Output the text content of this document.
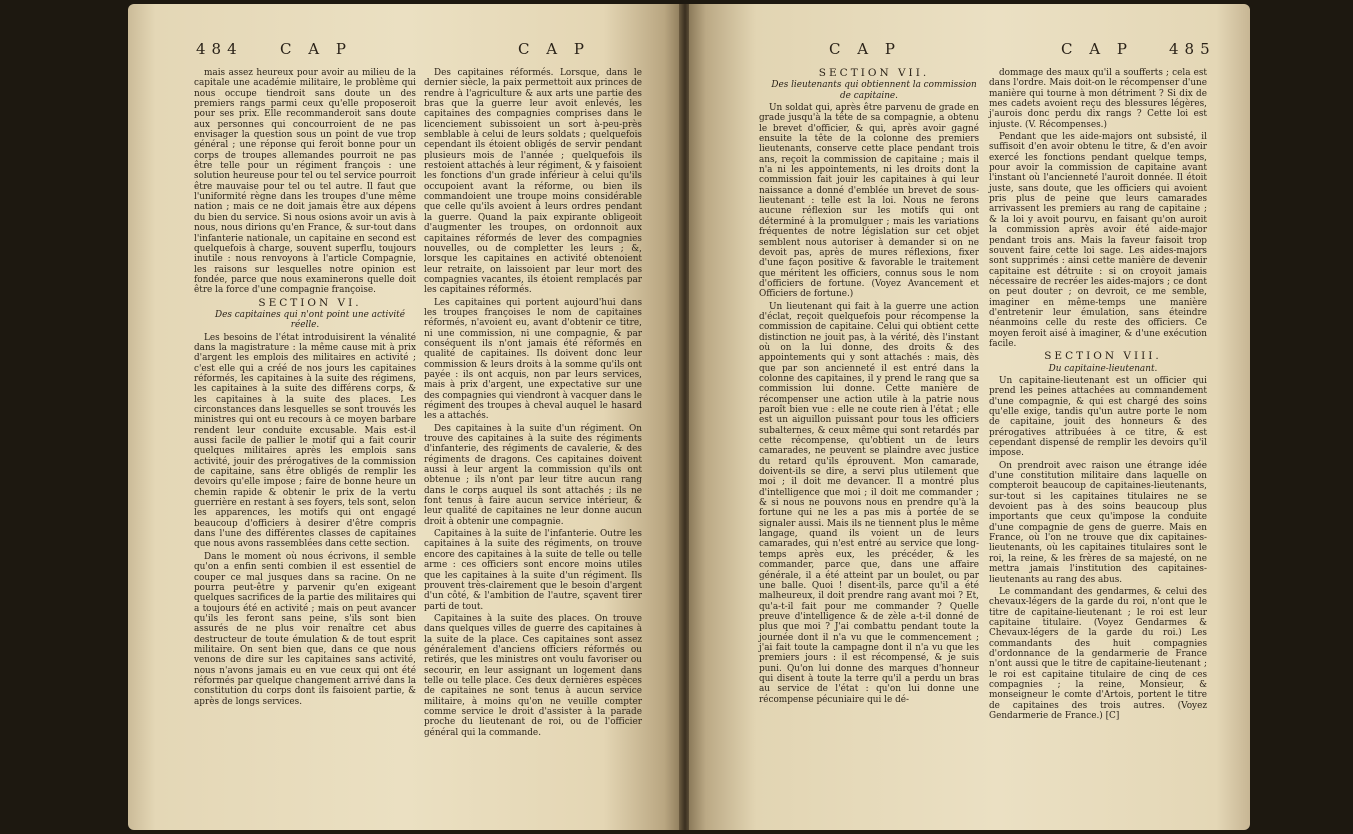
484 C A P	C A P

mais assez heureux pour avoir au milieu de la capitale une académie militaire, le problème qui nous occupe tiendroit sans doute un des premiers rangs parmi ceux qu'elle proposeroit pour ses prix. Elle recommanderoit sans doute aux personnes qui concourroient de ne pas envisager la question sous un point de vue trop général ; une réponse qui feroit bonne pour un corps de troupes allemandes pourroit ne pas être telle pour un régiment françois : une solution heureuse pour tel ou tel service pourroit être mauvaise pour tel ou tel autre. Il faut que l'uniformité règne dans les troupes d'une même nation ; mais ce ne doit jamais être aux dépens du bien du service. Si nous osions avoir un avis à nous, nous dirions qu'en France, & sur-tout dans l'infanterie nationale, un capitaine en second est quelquefois à charge, souvent superflu, toujours inutile : nous renvoyons à l'article Compagnie, les raisons sur lesquelles notre opinion est fondée, parce que nous examinerons quelle doit être la force d'une compagnie françoise.

SECTION VI.

Des capitaines qui n'ont point une activité réelle.

Les besoins de l'état introduisirent la vénalité dans la magistrature : la même cause mit à prix d'argent les emplois des militaires en activité ; c'est elle qui a créé de nos jours les capitaines réformés, les capitaines à la suite des régimens, les capitaines à la suite des différens corps, & les capitaines à la suite des places. Les circonstances dans lesquelles se sont trouvés les ministres qui ont eu recours à ce moyen barbare rendent leur conduite excusable. Mais est-il aussi facile de pallier le motif qui a fait courir quelques militaires après les emplois sans activité, jouir des prérogatives de la commission de capitaine, sans être obligés de remplir les devoirs qu'elle impose ; faire de bonne heure un chemin rapide & obtenir le prix de la vertu guerrière en restant à ses foyers, tels sont, selon les apparences, les motifs qui ont engagé beaucoup d'officiers à desirer d'être compris dans l'une des différentes classes de capitaines que nous avons rassemblées dans cette section.

Dans le moment où nous écrivons, il semble qu'on a enfin senti combien il est essentiel de couper ce mal jusques dans sa racine. On ne pourra peut-être y parvenir qu'en exigeant quelques sacrifices de la partie des militaires qui a toujours été en activité ; mais on peut avancer qu'ils les feront sans peine, s'ils sont bien assurés de ne plus voir renaître cet abus destructeur de toute émulation & de tout esprit militaire. On sent bien que, dans ce que nous venons de dire sur les capitaines sans activité, nous n'avons jamais eu en vue ceux qui ont été réformés par quelque changement arrivé dans la constitution du corps dont ils faisoient partie, & après de longs services.

Des capitaines réformés. Lorsque, dans le dernier siècle, la paix permettoit aux princes de rendre à l'agriculture & aux arts une partie des bras que la guerre leur avoit enlevés, les capitaines des compagnies comprises dans le licenciement subissoient un sort à-peu-près semblable à celui de leurs soldats ; quelquefois cependant ils étoient obligés de servir pendant plusieurs mois de l'année ; quelquefois ils restoient attachés à leur régiment, & y faisoient les fonctions d'un grade inférieur à celui qu'ils occupoient avant la réforme, ou bien ils commandoient une troupe moins considérable que celle qu'ils avoient à leurs ordres pendant la guerre. Quand la paix expirante obligeoit d'augmenter les troupes, on ordonnoit aux capitaines réformés de lever des compagnies nouvelles, ou de completter les leurs ; &, lorsque les capitaines en activité obtenoient leur retraite, on laissoient par leur mort des compagnies vacantes, ils étoient remplacés par les capitaines réformés.

Les capitaines qui portent aujourd'hui dans les troupes françoises le nom de capitaines réformés, n'avoient eu, avant d'obtenir ce titre, ni une commission, ni une compagnie, & par conséquent ils n'ont jamais été réformés en qualité de capitaines. Ils doivent donc leur commission & leurs droits à la somme qu'ils ont payée : ils ont acquis, non par leurs services, mais à prix d'argent, une expectative sur une des compagnies qui viendront à vacquer dans le régiment des troupes à cheval auquel le hasard les a attachés.

Des capitaines à la suite d'un régiment. On trouve des capitaines à la suite des régiments d'infanterie, des régiments de cavalerie, & des régiments de dragons. Ces capitaines doivent aussi à leur argent la commission qu'ils ont obtenue ; ils n'ont par leur titre aucun rang dans le corps auquel ils sont attachés ; ils ne font tenus à faire aucun service intérieur, & leur qualité de capitaines ne leur donne aucun droit à obtenir une compagnie.

Capitaines à la suite de l'infanterie. Outre les capitaines à la suite des régiments, on trouve encore des capitaines à la suite de telle ou telle arme : ces officiers sont encore moins utiles que les capitaines à la suite d'un régiment. Ils prouvent très-clairement que le besoin d'argent d'un côté, & l'ambition de l'autre, sçavent tirer parti de tout.

Capitaines à la suite des places. On trouve dans quelques villes de guerre des capitaines à la suite de la place. Ces capitaines sont assez généralement d'anciens officiers réformés ou retirés, que les ministres ont voulu favoriser ou secourir, en leur assignant un logement dans telle ou telle place. Ces deux dernières espèces de capitaines ne sont tenus à aucun service militaire, à moins qu'on ne veuille compter comme service le droit d'assister à la parade proche du lieutenant de roi, ou de l'officier général qui la commande.

C A P	C A P 485

SECTION VII.

Des lieutenants qui obtiennent la commission de capitaine.

Un soldat qui, après être parvenu de grade en grade jusqu'à la tête de sa compagnie, a obtenu le brevet d'officier, & qui, après avoir gagné ensuite la tête de la colonne des premiers lieutenants, conserve cette place pendant trois ans, reçoit la commission de capitaine ; mais il n'a ni les appointements, ni les droits dont la commission fait jouir les capitaines à qui leur naissance a donné d'emblée un brevet de sous-lieutenant : telle est la loi. Nous ne ferons aucune réflexion sur les motifs qui ont déterminé à la promulguer ; mais les variations fréquentes de notre législation sur cet objet semblent nous autoriser à demander si on ne devoit pas, après de mures réflexions, fixer d'une façon positive & favorable le traitement que méritent les officiers, connus sous le nom d'officiers de fortune. (Voyez Avancement et Officiers de fortune.)

Un lieutenant qui fait à la guerre une action d'éclat, reçoit quelquefois pour récompense la commission de capitaine. Celui qui obtient cette distinction ne jouit pas, à la vérité, dès l'instant où on la lui donne, des droits & des appointements qui y sont attachés : mais, dès que par son ancienneté il est entré dans la colonne des capitaines, il y prend le rang que sa commission lui donne. Cette manière de récompenser une action utile à la patrie nous paroît bien vue : elle ne coute rien à l'état ; elle est un aiguillon puissant pour tous les officiers subalternes, & ceux même qui sont retardés par cette récompense, qu'obtient un de leurs camarades, ne peuvent se plaindre avec justice du retard qu'ils éprouvent. Mon camarade, doivent-ils se dire, a servi plus utilement que moi ; il doit me devancer. Il a montré plus d'intelligence que moi ; il doit me commander ; & si nous ne pouvons nous en prendre qu'à la fortune qui ne les a pas mis à portée de se signaler aussi. Mais ils ne tiennent plus le même langage, quand ils voient un de leurs camarades, qui n'est entré au service que long-temps après eux, les précéder, & les commander, parce que, dans une affaire générale, il a été atteint par un boulet, ou par une balle. Quoi ! disent-ils, parce qu'il a été malheureux, il doit prendre rang avant moi ? Et, qu'a-t-il fait pour me commander ? Quelle preuve d'intelligence & de zèle a-t-il donné de plus que moi ? J'ai combattu pendant toute la journée dont il n'a vu que le commencement ; j'ai fait toute la campagne dont il n'a vu que les premiers jours : il est récompensé, & je suis puni. Qu'on lui donne des marques d'honneur qui disent à toute la terre qu'il a perdu un bras au service de l'état : qu'on lui donne une récompense pécuniaire qui le dé-

dommage des maux qu'il a soufferts ; cela est dans l'ordre. Mais doit-on le récompenser d'une manière qui tourne à mon détriment ? Si dix de mes cadets avoient reçu des blessures légères, j'aurois donc perdu dix rangs ? Cette loi est injuste. (V. Récompenses.)

Pendant que les aide-majors ont subsisté, il suffisoit d'en avoir obtenu le titre, & d'en avoir exercé les fonctions pendant quelque temps, pour avoir la commission de capitaine avant l'instant où l'ancienneté l'auroit donnée. Il étoit juste, sans doute, que les officiers qui avoient pris plus de peine que leurs camarades arrivassent les premiers au rang de capitaine ; & la loi y avoit pourvu, en faisant qu'on auroit la commission après avoir été aide-major pendant trois ans. Mais la faveur faisoit trop souvent faire cette loi sage. Les aides-majors sont supprimés : ainsi cette manière de devenir capitaine est détruite : si on croyoit jamais nécessaire de recréer les aides-majors ; ce dont on peut douter ; on devroit, ce me semble, imaginer en même-temps une manière d'entretenir leur émulation, sans éteindre néanmoins celle du reste des officiers. Ce moyen feroit aisé à imaginer, & d'une exécution facile.

SECTION VIII.

Du capitaine-lieutenant.

Un capitaine-lieutenant est un officier qui prend les peines attachées au commandement d'une compagnie, & qui est chargé des soins qu'elle exige, tandis qu'un autre porte le nom de capitaine, jouit des honneurs & des prérogatives attribuées à ce titre, & est cependant dispensé de remplir les devoirs qu'il impose.

On prendroit avec raison une étrange idée d'une constitution militaire dans laquelle on compteroit beaucoup de capitaines-lieutenants, sur-tout si les capitaines titulaires ne se devoient pas à des soins beaucoup plus importants que ceux qu'impose la conduite d'une compagnie de gens de guerre. Mais en France, où l'on ne trouve que dix capitaines-lieutenants, où les capitaines titulaires sont le roi, la reine, & les frères de sa majesté, on ne mettra jamais l'institution des capitaines-lieutenants au rang des abus.

Le commandant des gendarmes, & celui des chevaux-légers de la garde du roi, n'ont que le titre de capitaine-lieutenant ; le roi est leur capitaine titulaire. (Voyez Gendarmes & Chevaux-légers de la garde du roi.) Les commandants des huit compagnies d'ordonnance de la gendarmerie de France n'ont aussi que le titre de capitaine-lieutenant ; le roi est capitaine titulaire de cinq de ces compagnies ; la reine, Monsieur, & monseigneur le comte d'Artois, portent le titre de capitaines des trois autres. (Voyez Gendarmerie de France.) [C]
